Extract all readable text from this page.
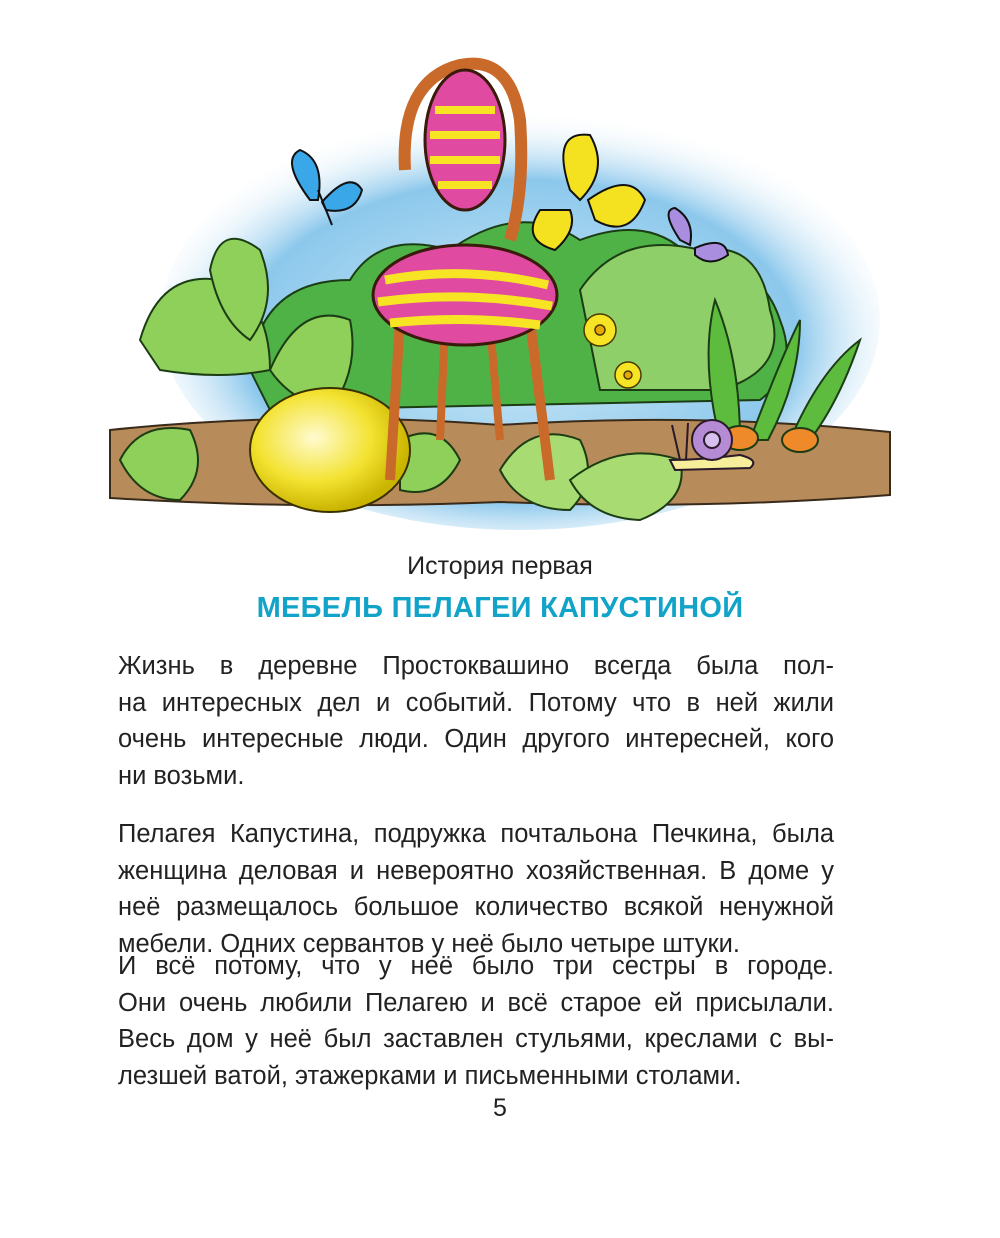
История первая
МЕБЕЛЬ ПЕЛАГЕИ КАПУСТИНОЙ
Жизнь в деревне Простоквашино всегда была пол-
на интересных дел и событий. Потому что в ней жили
очень интересные люди. Один другого интересней, кого
ни возьми.
Пелагея Капустина, подружка почтальона Печкина, была
женщина деловая и невероятно хозяйственная. В доме у
неё размещалось большое количество всякой ненужной
мебели. Одних сервантов у неё было четыре штуки.
И всё потому, что у неё было три сестры в городе.
Они очень любили Пелагею и всё старое ей присылали.
Весь дом у неё был заставлен стульями, креслами с вы-
лезшей ватой, этажерками и письменными столами.
5
